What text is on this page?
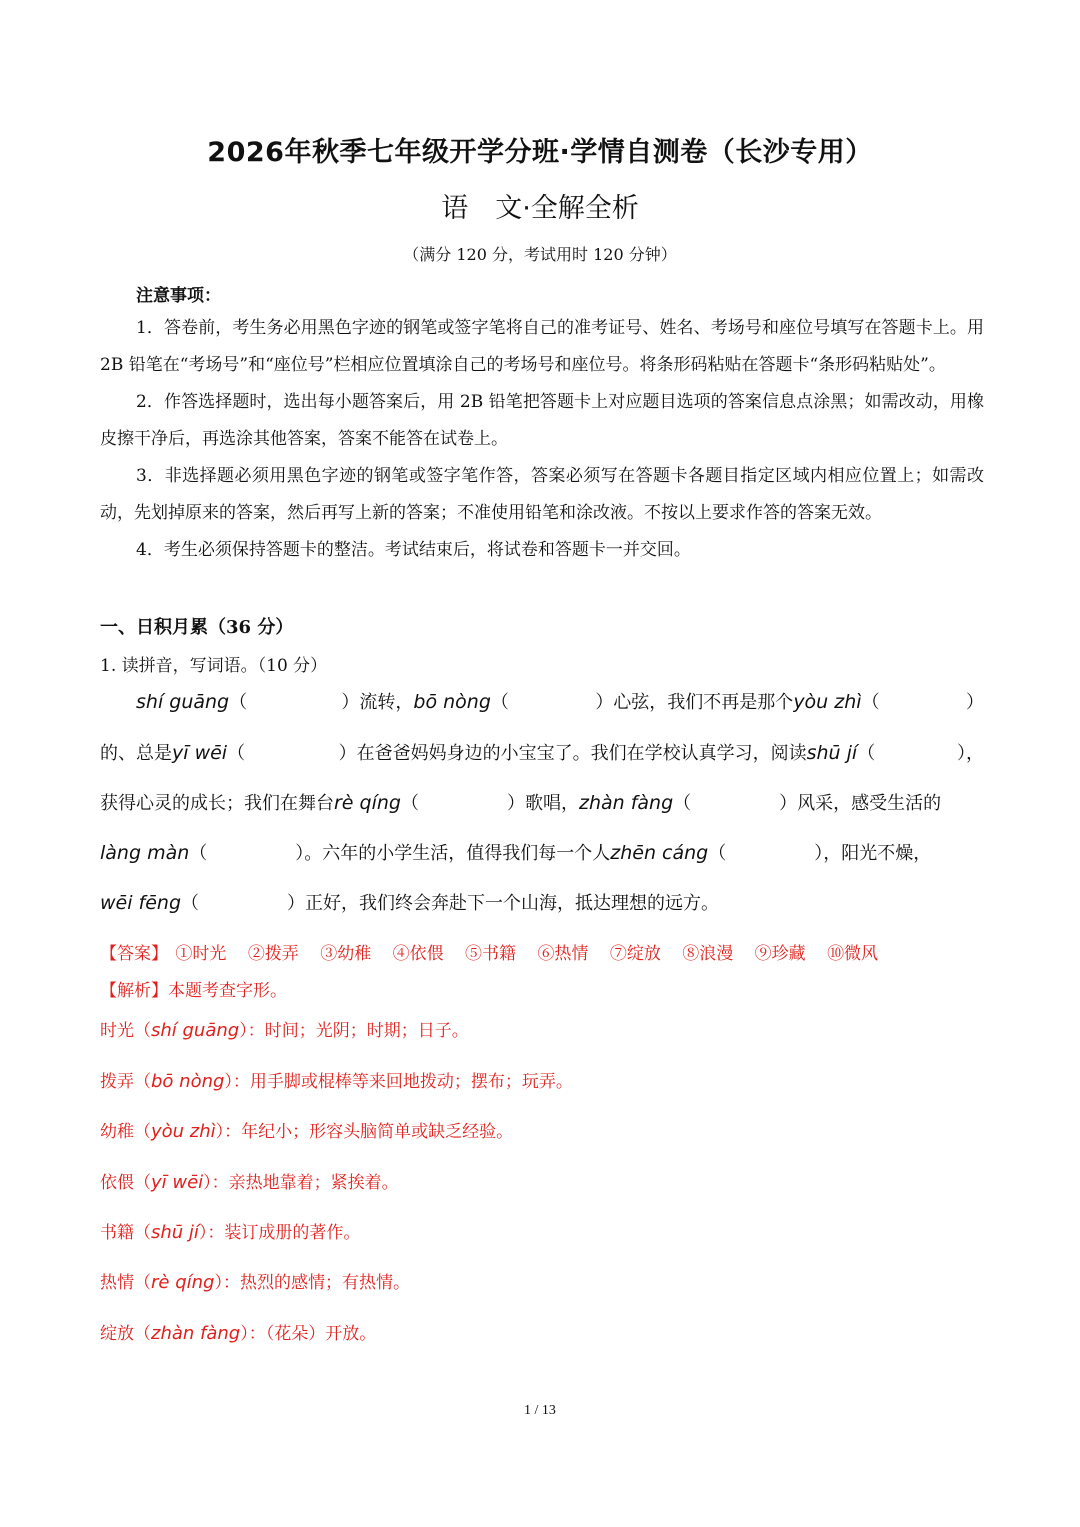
2026年秋季七年级开学分班·学情自测卷（长沙专用）
语　文·全解全析
（满分 120 分，考试用时 120 分钟）
注意事项：

1．答卷前，考生务必用黑色字迹的钢笔或签字笔将自己的准考证号、姓名、考场号和座位号填写在答题卡上。用 2B 铅笔在“考场号”和“座位号”栏相应位置填涂自己的考场号和座位号。将条形码粘贴在答题卡“条形码粘贴处”。

2．作答选择题时，选出每小题答案后，用 2B 铅笔把答题卡上对应题目选项的答案信息点涂黑；如需改动，用橡皮擦干净后，再选涂其他答案，答案不能答在试卷上。

3．非选择题必须用黑色字迹的钢笔或签字笔作答，答案必须写在答题卡各题目指定区域内相应位置上；如需改动，先划掉原来的答案，然后再写上新的答案；不准使用铅笔和涂改液。不按以上要求作答的答案无效。

4．考生必须保持答题卡的整洁。考试结束后，将试卷和答题卡一并交回。

一、日积月累（36 分）
1. 读拼音，写词语。（10 分）
shí guāng （	）流转， bō nòng （	）心弦，我们不再是那个 yòu zhì （	）
的、总是 yī wēi （	）在爸爸妈妈身边的小宝宝了。我们在学校认真学习，阅读 shū jí （	），
获得心灵的成长；我们在舞台 rè qíng （	）歌唱， zhàn fàng （	）风采，感受生活的
làng màn （	）。六年的小学生活，值得我们每一个人 zhēn cáng （	），阳光不燥，
wēi fēng （	）正好，我们终会奔赴下一个山海，抵达理想的远方。
【答案】 ①时光 ②拨弄 ③幼稚 ④依偎 ⑤书籍 ⑥热情 ⑦绽放 ⑧浪漫 ⑨珍藏 ⑩微风
【解析】本题考查字形。
时光（shí guāng）：时间；光阴；时期；日子。
拨弄（bō nòng）：用手脚或棍棒等来回地拨动；摆布；玩弄。
幼稚（yòu zhì）：年纪小；形容头脑简单或缺乏经验。
依偎（yī wēi）：亲热地靠着；紧挨着。
书籍（shū jí）：装订成册的著作。
热情（rè qíng）：热烈的感情；有热情。
绽放（zhàn fàng）：（花朵）开放。
1 / 13
